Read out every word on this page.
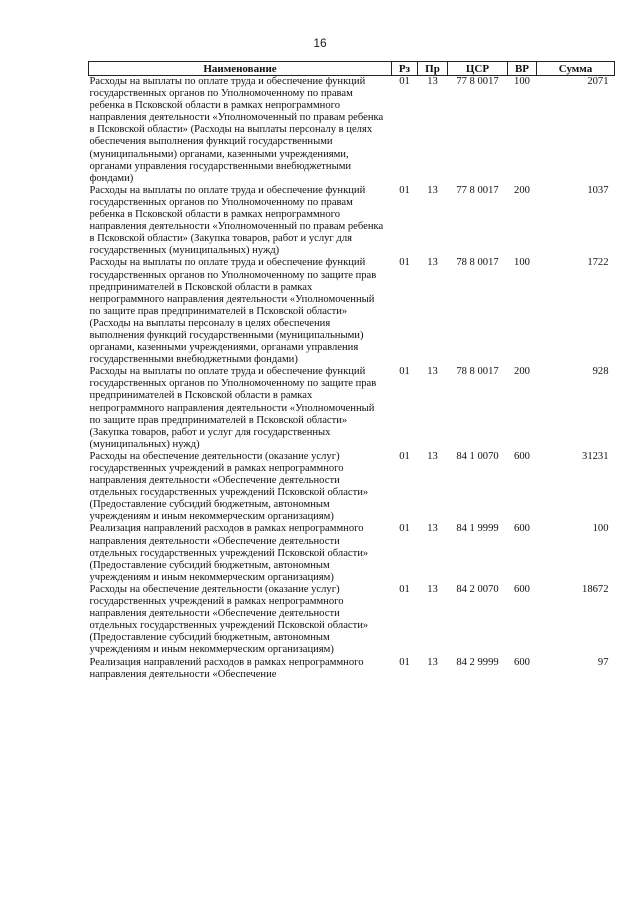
16
Наименование	Рз	Пр	ЦСР	ВР	Сумма
Расходы на выплаты по оплате труда и обеспечение функций государственных органов по Уполномоченному по правам ребенка в Псковской области в рамках непрограммного направления деятельности «Уполномоченный по правам ребенка в Псковской области» (Расходы на выплаты персоналу в целях обеспечения выполнения функций государственными (муниципальными) органами, казенными учреждениями, органами управления государственными внебюджетными фондами)	01	13	77 8 0017	100	2071
Расходы на выплаты по оплате труда и обеспечение функций государственных органов по Уполномоченному по правам ребенка в Псковской области в рамках непрограммного направления деятельности «Уполномоченный по правам ребенка в Псковской области» (Закупка товаров, работ и услуг для государственных (муниципальных) нужд)	01	13	77 8 0017	200	1037
Расходы на выплаты по оплате труда и обеспечение функций государственных органов по Уполномоченному по защите прав предпринимателей в Псковской области в рамках непрограммного направления деятельности «Уполномоченный по защите прав предпринимателей в Псковской области» (Расходы на выплаты персоналу в целях обеспечения выполнения функций государственными (муниципальными) органами, казенными учреждениями, органами управления государственными внебюджетными фондами)	01	13	78 8 0017	100	1722
Расходы на выплаты по оплате труда и обеспечение функций государственных органов по Уполномоченному по защите прав предпринимателей в Псковской области в рамках непрограммного направления деятельности «Уполномоченный по защите прав предпринимателей в Псковской области» (Закупка товаров, работ и услуг для государственных (муниципальных) нужд)	01	13	78 8 0017	200	928
Расходы на обеспечение деятельности (оказание услуг) государственных учреждений в рамках непрограммного направления деятельности «Обеспечение деятельности отдельных государственных учреждений Псковской области» (Предоставление субсидий бюджетным, автономным учреждениям и иным некоммерческим организациям)	01	13	84 1 0070	600	31231
Реализация направлений расходов в рамках непрограммного направления деятельности «Обеспечение деятельности отдельных государственных учреждений Псковской области» (Предоставление субсидий бюджетным, автономным учреждениям и иным некоммерческим организациям)	01	13	84 1 9999	600	100
Расходы на обеспечение деятельности (оказание услуг) государственных учреждений в рамках непрограммного направления деятельности «Обеспечение деятельности отдельных государственных учреждений Псковской области» (Предоставление субсидий бюджетным, автономным учреждениям и иным некоммерческим организациям)	01	13	84 2 0070	600	18672
Реализация направлений расходов в рамках непрограммного направления деятельности «Обеспечение	01	13	84 2 9999	600	97
